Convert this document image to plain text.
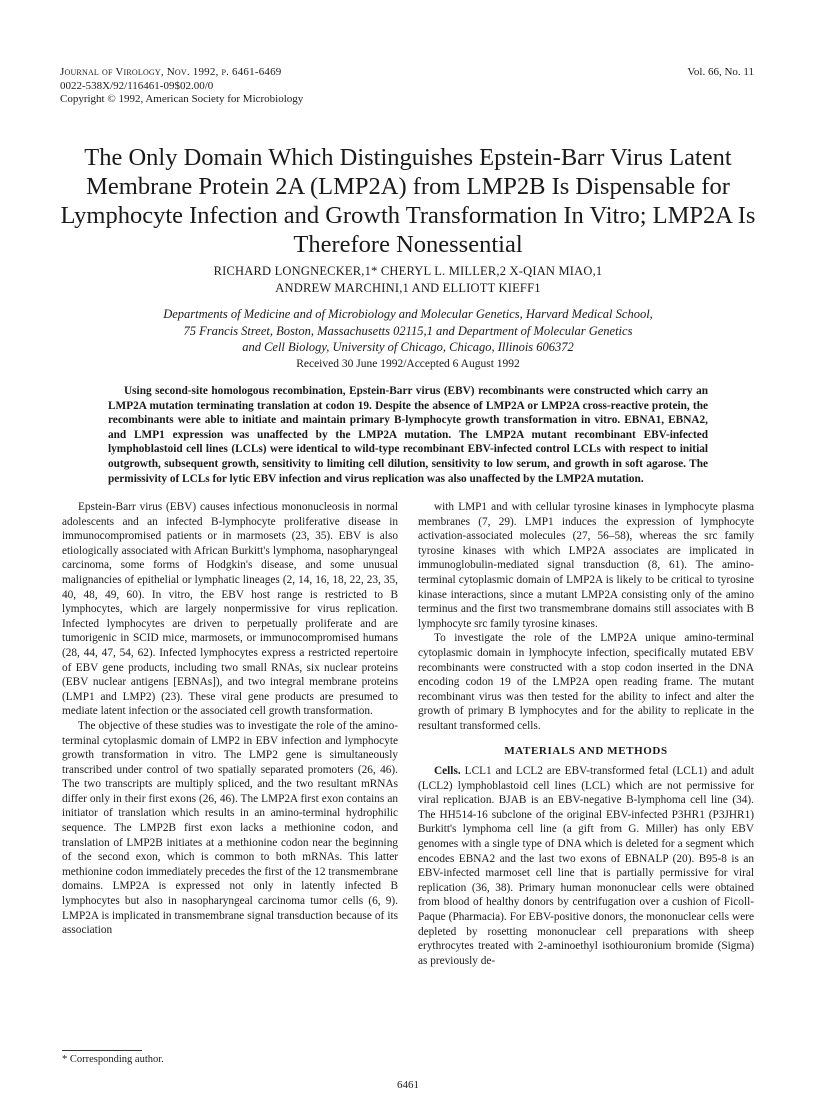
Journal of Virology, Nov. 1992, p. 6461-6469
0022-538X/92/116461-09$02.00/0
Copyright © 1992, American Society for Microbiology
Vol. 66, No. 11
The Only Domain Which Distinguishes Epstein-Barr Virus Latent Membrane Protein 2A (LMP2A) from LMP2B Is Dispensable for Lymphocyte Infection and Growth Transformation In Vitro; LMP2A Is Therefore Nonessential
RICHARD LONGNECKER,1* CHERYL L. MILLER,2 X-QIAN MIAO,1
ANDREW MARCHINI,1 AND ELLIOTT KIEFF1
Departments of Medicine and of Microbiology and Molecular Genetics, Harvard Medical School,
75 Francis Street, Boston, Massachusetts 02115,1 and Department of Molecular Genetics
and Cell Biology, University of Chicago, Chicago, Illinois 606372
Received 30 June 1992/Accepted 6 August 1992

Using second-site homologous recombination, Epstein-Barr virus (EBV) recombinants were constructed which carry an LMP2A mutation terminating translation at codon 19. Despite the absence of LMP2A or LMP2A cross-reactive protein, the recombinants were able to initiate and maintain primary B-lymphocyte growth transformation in vitro. EBNA1, EBNA2, and LMP1 expression was unaffected by the LMP2A mutation. The LMP2A mutant recombinant EBV-infected lymphoblastoid cell lines (LCLs) were identical to wild-type recombinant EBV-infected control LCLs with respect to initial outgrowth, subsequent growth, sensitivity to limiting cell dilution, sensitivity to low serum, and growth in soft agarose. The permissivity of LCLs for lytic EBV infection and virus replication was also unaffected by the LMP2A mutation.

Epstein-Barr virus (EBV) causes infectious mononucleosis in normal adolescents and an infected B-lymphocyte proliferative disease in immunocompromised patients or in marmosets (23, 35). EBV is also etiologically associated with African Burkitt's lymphoma, nasopharyngeal carcinoma, some forms of Hodgkin's disease, and some unusual malignancies of epithelial or lymphatic lineages (2, 14, 16, 18, 22, 23, 35, 40, 48, 49, 60). In vitro, the EBV host range is restricted to B lymphocytes, which are largely nonpermissive for virus replication. Infected lymphocytes are driven to perpetually proliferate and are tumorigenic in SCID mice, marmosets, or immunocompromised humans (28, 44, 47, 54, 62). Infected lymphocytes express a restricted repertoire of EBV gene products, including two small RNAs, six nuclear proteins (EBV nuclear antigens [EBNAs]), and two integral membrane proteins (LMP1 and LMP2) (23). These viral gene products are presumed to mediate latent infection or the associated cell growth transformation.

The objective of these studies was to investigate the role of the amino-terminal cytoplasmic domain of LMP2 in EBV infection and lymphocyte growth transformation in vitro. The LMP2 gene is simultaneously transcribed under control of two spatially separated promoters (26, 46). The two transcripts are multiply spliced, and the two resultant mRNAs differ only in their first exons (26, 46). The LMP2A first exon contains an initiator of translation which results in an amino-terminal hydrophilic sequence. The LMP2B first exon lacks a methionine codon, and translation of LMP2B initiates at a methionine codon near the beginning of the second exon, which is common to both mRNAs. This latter methionine codon immediately precedes the first of the 12 transmembrane domains. LMP2A is expressed not only in latently infected B lymphocytes but also in nasopharyngeal carcinoma tumor cells (6, 9). LMP2A is implicated in transmembrane signal transduction because of its association

with LMP1 and with cellular tyrosine kinases in lymphocyte plasma membranes (7, 29). LMP1 induces the expression of lymphocyte activation-associated molecules (27, 56–58), whereas the src family tyrosine kinases with which LMP2A associates are implicated in immunoglobulin-mediated signal transduction (8, 61). The amino-terminal cytoplasmic domain of LMP2A is likely to be critical to tyrosine kinase interactions, since a mutant LMP2A consisting only of the amino terminus and the first two transmembrane domains still associates with B lymphocyte src family tyrosine kinases.

To investigate the role of the LMP2A unique amino-terminal cytoplasmic domain in lymphocyte infection, specifically mutated EBV recombinants were constructed with a stop codon inserted in the DNA encoding codon 19 of the LMP2A open reading frame. The mutant recombinant virus was then tested for the ability to infect and alter the growth of primary B lymphocytes and for the ability to replicate in the resultant transformed cells.

MATERIALS AND METHODS

Cells. LCL1 and LCL2 are EBV-transformed fetal (LCL1) and adult (LCL2) lymphoblastoid cell lines (LCL) which are not permissive for viral replication. BJAB is an EBV-negative B-lymphoma cell line (34). The HH514-16 subclone of the original EBV-infected P3HR1 (P3JHR1) Burkitt's lymphoma cell line (a gift from G. Miller) has only EBV genomes with a single type of DNA which is deleted for a segment which encodes EBNA2 and the last two exons of EBNALP (20). B95-8 is an EBV-infected marmoset cell line that is partially permissive for viral replication (36, 38). Primary human mononuclear cells were obtained from blood of healthy donors by centrifugation over a cushion of Ficoll-Paque (Pharmacia). For EBV-positive donors, the mononuclear cells were depleted by rosetting mononuclear cell preparations with sheep erythrocytes treated with 2-aminoethyl isothiouronium bromide (Sigma) as previously de-

* Corresponding author.
6461
